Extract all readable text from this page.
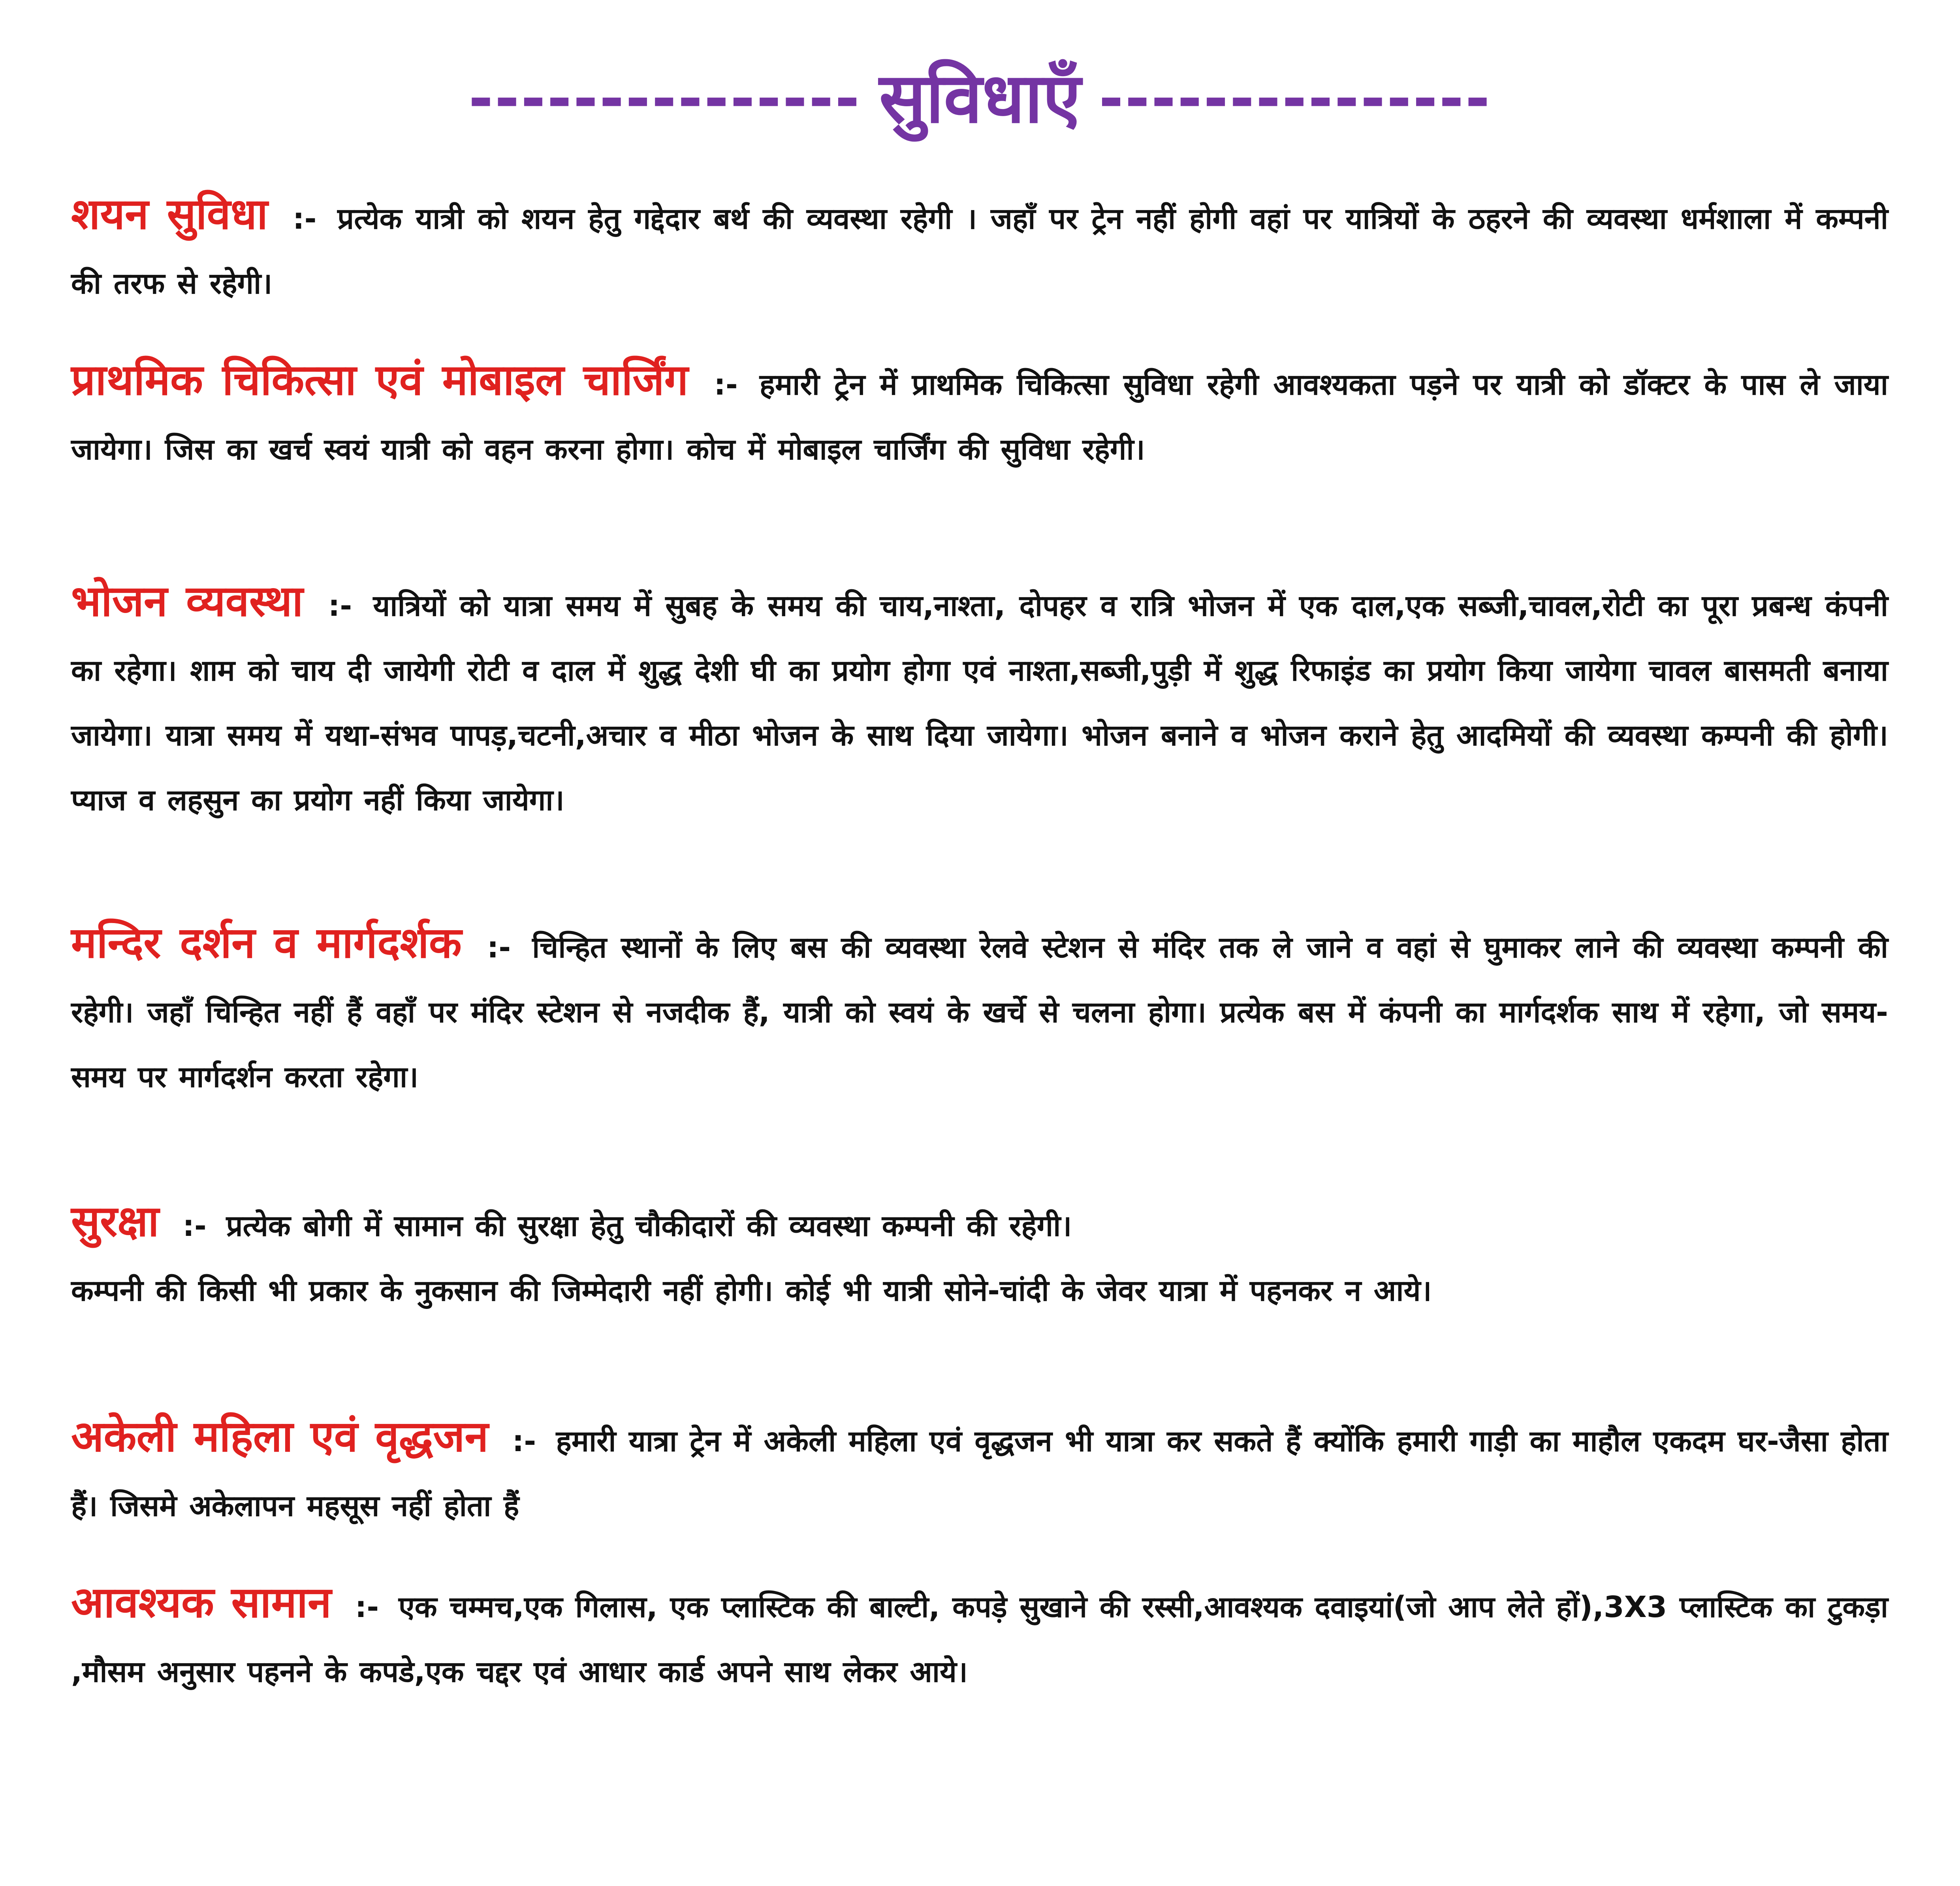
--------------- सुविधाएँ ---------------
शयन सुविधा :- प्रत्येक यात्री को शयन हेतु गद्देदार बर्थ की व्यवस्था रहेगी । जहाँ पर ट्रेन नहीं होगी वहां पर यात्रियों के ठहरने की व्यवस्था धर्मशाला में कम्पनी की तरफ से रहेगी।
प्राथमिक चिकित्सा एवं मोबाइल चार्जिंग :- हमारी ट्रेन में प्राथमिक चिकित्सा सुविधा रहेगी आवश्यकता पड़ने पर यात्री को डॉक्टर के पास ले जाया जायेगा। जिस का खर्च स्वयं यात्री को वहन करना होगा। कोच में मोबाइल चार्जिंग की सुविधा रहेगी।
भोजन व्यवस्था :- यात्रियों को यात्रा समय में सुबह के समय की चाय,नाश्ता, दोपहर व रात्रि भोजन में एक दाल,एक सब्जी,चावल,रोटी का पूरा प्रबन्ध कंपनी का रहेगा। शाम को चाय दी जायेगी रोटी व दाल में शुद्ध देशी घी का प्रयोग होगा एवं नाश्ता,सब्जी,पुड़ी में शुद्ध रिफाइंड का प्रयोग किया जायेगा चावल बासमती बनाया जायेगा। यात्रा समय में यथा-संभव पापड़,चटनी,अचार व मीठा भोजन के साथ दिया जायेगा। भोजन बनाने व भोजन कराने हेतु आदमियों की व्यवस्था कम्पनी की होगी। प्याज व लहसुन का प्रयोग नहीं किया जायेगा।
मन्दिर दर्शन व मार्गदर्शक :- चिन्हित स्थानों के लिए बस की व्यवस्था रेलवे स्टेशन से मंदिर तक ले जाने व वहां से घुमाकर लाने की व्यवस्था कम्पनी की रहेगी। जहाँ चिन्हित नहीं हैं वहाँ पर मंदिर स्टेशन से नजदीक हैं, यात्री को स्वयं के खर्चे से चलना होगा। प्रत्येक बस में कंपनी का मार्गदर्शक साथ में रहेगा, जो समय-समय पर मार्गदर्शन करता रहेगा।
सुरक्षा :- प्रत्येक बोगी में सामान की सुरक्षा हेतु चौकीदारों की व्यवस्था कम्पनी की रहेगी।
कम्पनी की किसी भी प्रकार के नुकसान की जिम्मेदारी नहीं होगी। कोई भी यात्री सोने-चांदी के जेवर यात्रा में पहनकर न आये।
अकेली महिला एवं वृद्धजन :- हमारी यात्रा ट्रेन में अकेली महिला एवं वृद्धजन भी यात्रा कर सकते हैं क्योंकि हमारी गाड़ी का माहौल एकदम घर-जैसा होता हैं। जिसमे अकेलापन महसूस नहीं होता हैं
आवश्यक सामान :- एक चम्मच,एक गिलास, एक प्लास्टिक की बाल्टी, कपड़े सुखाने की रस्सी,आवश्यक दवाइयां(जो आप लेते हों),3X3 प्लास्टिक का टुकड़ा ,मौसम अनुसार पहनने के कपडे,एक चद्दर एवं आधार कार्ड अपने साथ लेकर आये।
